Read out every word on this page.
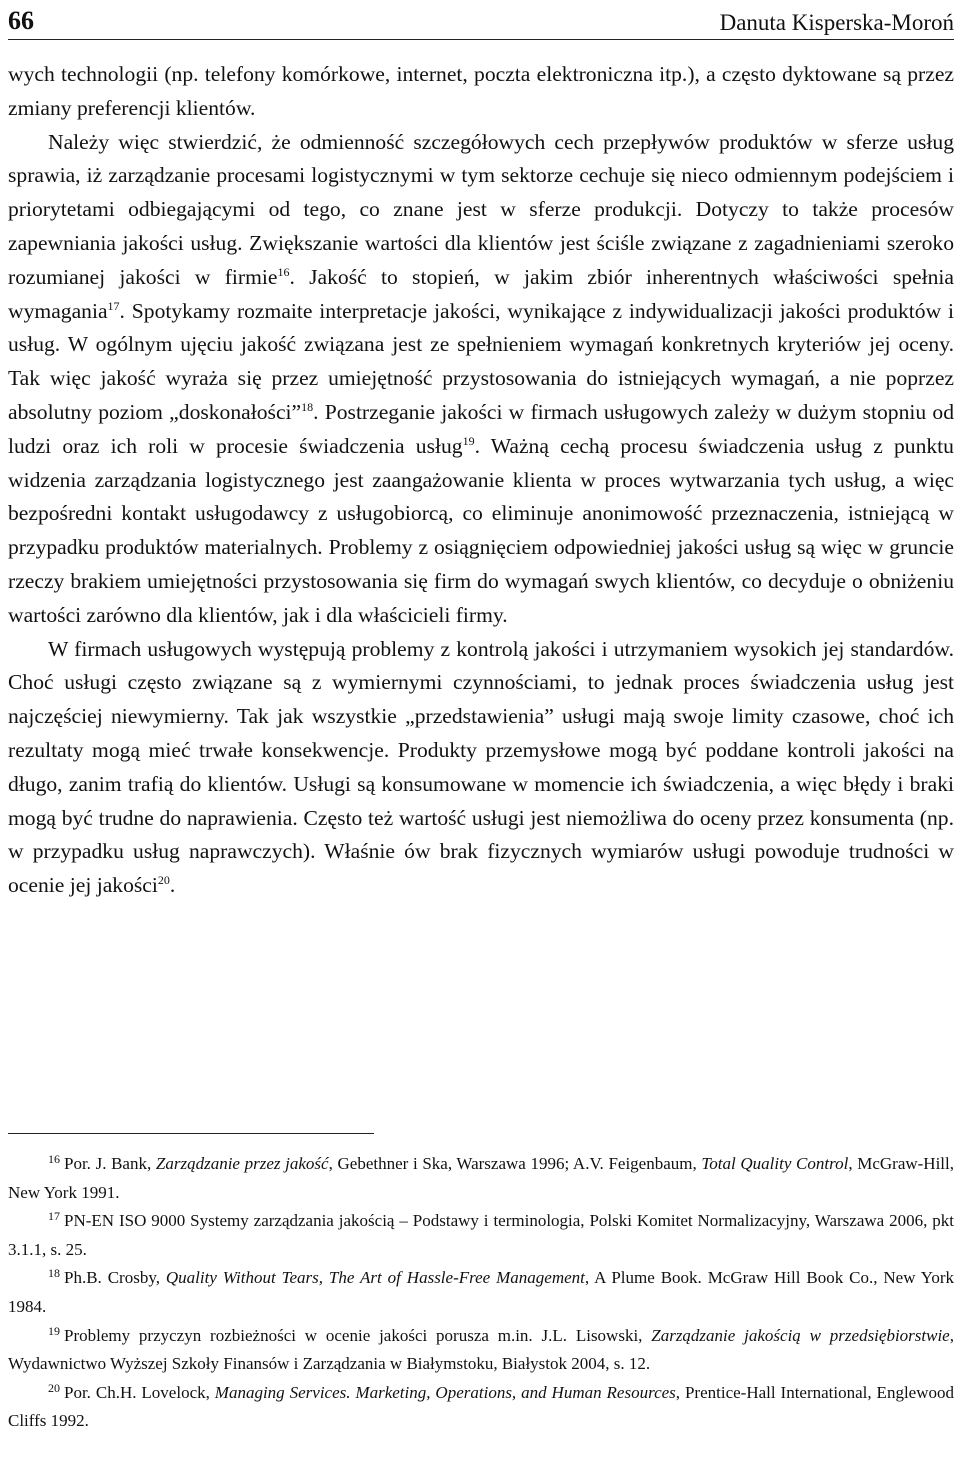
66	Danuta Kisperska-Moroń

wych technologii (np. telefony komórkowe, internet, poczta elektroniczna itp.), a często dyktowane są przez zmiany preferencji klientów.

Należy więc stwierdzić, że odmienność szczegółowych cech przepływów produktów w sferze usług sprawia, iż zarządzanie procesami logistycznymi w tym sektorze cechuje się nieco odmiennym podejściem i priorytetami odbiegającymi od tego, co znane jest w sferze produkcji. Dotyczy to także procesów zapewniania jakości usług. Zwiększanie wartości dla klientów jest ściśle związane z zagadnieniami szeroko rozumianej jakości w firmie$^{16}$. Jakość to stopień, w jakim zbiór inherentnych właściwości spełnia wymagania$^{17}$. Spotykamy rozmaite interpretacje jakości, wynikające z indywidualizacji jakości produktów i usług. W ogólnym ujęciu jakość związana jest ze spełnieniem wymagań konkretnych kryteriów jej oceny. Tak więc jakość wyraża się przez umiejętność przystosowania do istniejących wymagań, a nie poprzez absolutny poziom „doskonałości”$^{18}$. Postrzeganie jakości w firmach usługowych zależy w dużym stopniu od ludzi oraz ich roli w procesie świadczenia usług$^{19}$. Ważną cechą procesu świadczenia usług z punktu widzenia zarządzania logistycznego jest zaangażowanie klienta w proces wytwarzania tych usług, a więc bezpośredni kontakt usługodawcy z usługobiorcą, co eliminuje anonimowość przeznaczenia, istniejącą w przypadku produktów materialnych. Problemy z osiągnięciem odpowiedniej jakości usług są więc w gruncie rzeczy brakiem umiejętności przystosowania się firm do wymagań swych klientów, co decyduje o obniżeniu wartości zarówno dla klientów, jak i dla właścicieli firmy.

W firmach usługowych występują problemy z kontrolą jakości i utrzymaniem wysokich jej standardów. Choć usługi często związane są z wymiernymi czynnościami, to jednak proces świadczenia usług jest najczęściej niewymierny. Tak jak wszystkie „przedstawienia” usługi mają swoje limity czasowe, choć ich rezultaty mogą mieć trwałe konsekwencje. Produkty przemysłowe mogą być poddane kontroli jakości na długo, zanim trafią do klientów. Usługi są konsumowane w momencie ich świadczenia, a więc błędy i braki mogą być trudne do naprawienia. Często też wartość usługi jest niemożliwa do oceny przez konsumenta (np. w przypadku usług naprawczych). Właśnie ów brak fizycznych wymiarów usługi powoduje trudności w ocenie jej jakości$^{20}$.

$^{16}$ Por. J. Bank, Zarządzanie przez jakość, Gebethner i Ska, Warszawa 1996; A.V. Feigenbaum, Total Quality Control, McGraw-Hill, New York 1991.

$^{17}$ PN-EN ISO 9000 Systemy zarządzania jakością – Podstawy i terminologia, Polski Komitet Normalizacyjny, Warszawa 2006, pkt 3.1.1, s. 25.

$^{18}$ Ph.B. Crosby, Quality Without Tears, The Art of Hassle-Free Management, A Plume Book. McGraw Hill Book Co., New York 1984.

$^{19}$ Problemy przyczyn rozbieżności w ocenie jakości porusza m.in. J.L. Lisowski, Zarządzanie jakością w przedsiębiorstwie, Wydawnictwo Wyższej Szkoły Finansów i Zarządzania w Białymstoku, Białystok 2004, s. 12.

$^{20}$ Por. Ch.H. Lovelock, Managing Services. Marketing, Operations, and Human Resources, Prentice-Hall International, Englewood Cliffs 1992.
